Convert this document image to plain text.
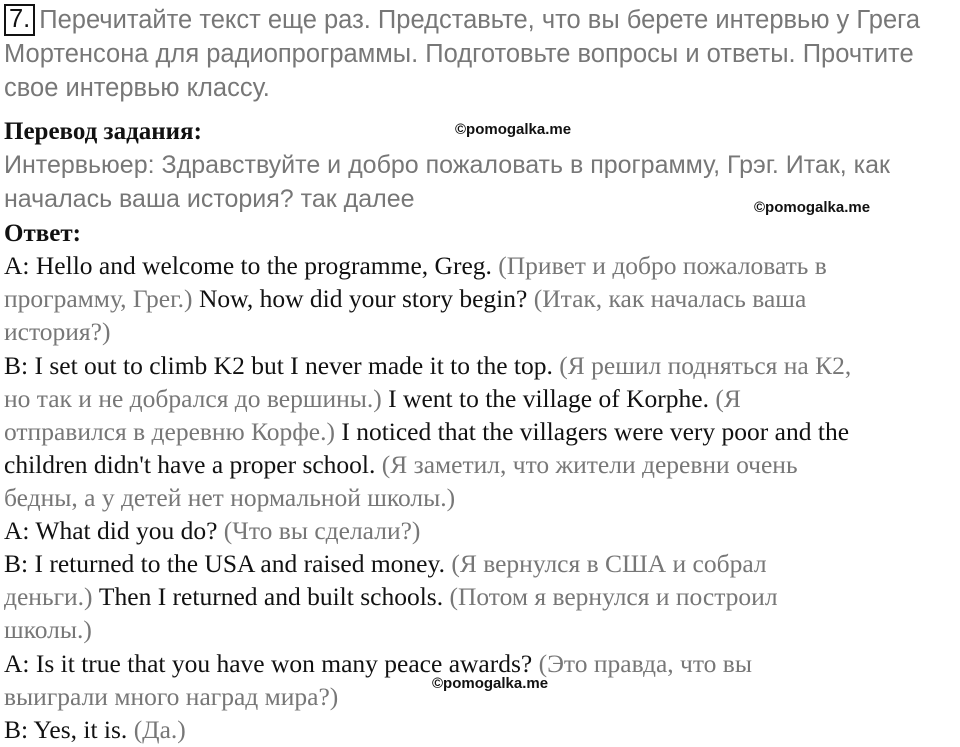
7. Перечитайте текст еще раз. Представьте, что вы берете интервью у Грега
Мортенсона для радиопрограммы. Подготовьте вопросы и ответы. Прочтите
свое интервью классу.
Перевод задания:	©pomogalka.me
Интервьюер: Здравствуйте и добро пожаловать в программу, Грэг. Итак, как
началась ваша история? так далее	©pomogalka.me
Ответ:
A: Hello and welcome to the programme, Greg. (Привет и добро пожаловать в
программу, Грег.) Now, how did your story begin? (Итак, как началась ваша
история?)
B: I set out to climb K2 but I never made it to the top. (Я решил подняться на К2,
но так и не добрался до вершины.) I went to the village of Korphe. (Я
отправился в деревню Корфе.) I noticed that the villagers were very poor and the
children didn't have a proper school. (Я заметил, что жители деревни очень
бедны, а у детей нет нормальной школы.)
A: What did you do? (Что вы сделали?)
B: I returned to the USA and raised money. (Я вернулся в США и собрал
деньги.) Then I returned and built schools. (Потом я вернулся и построил
школы.)
A: Is it true that you have won many peace awards? (Это правда, что вы
выиграли много наград мира?)	©pomogalka.me
B: Yes, it is. (Да.)
